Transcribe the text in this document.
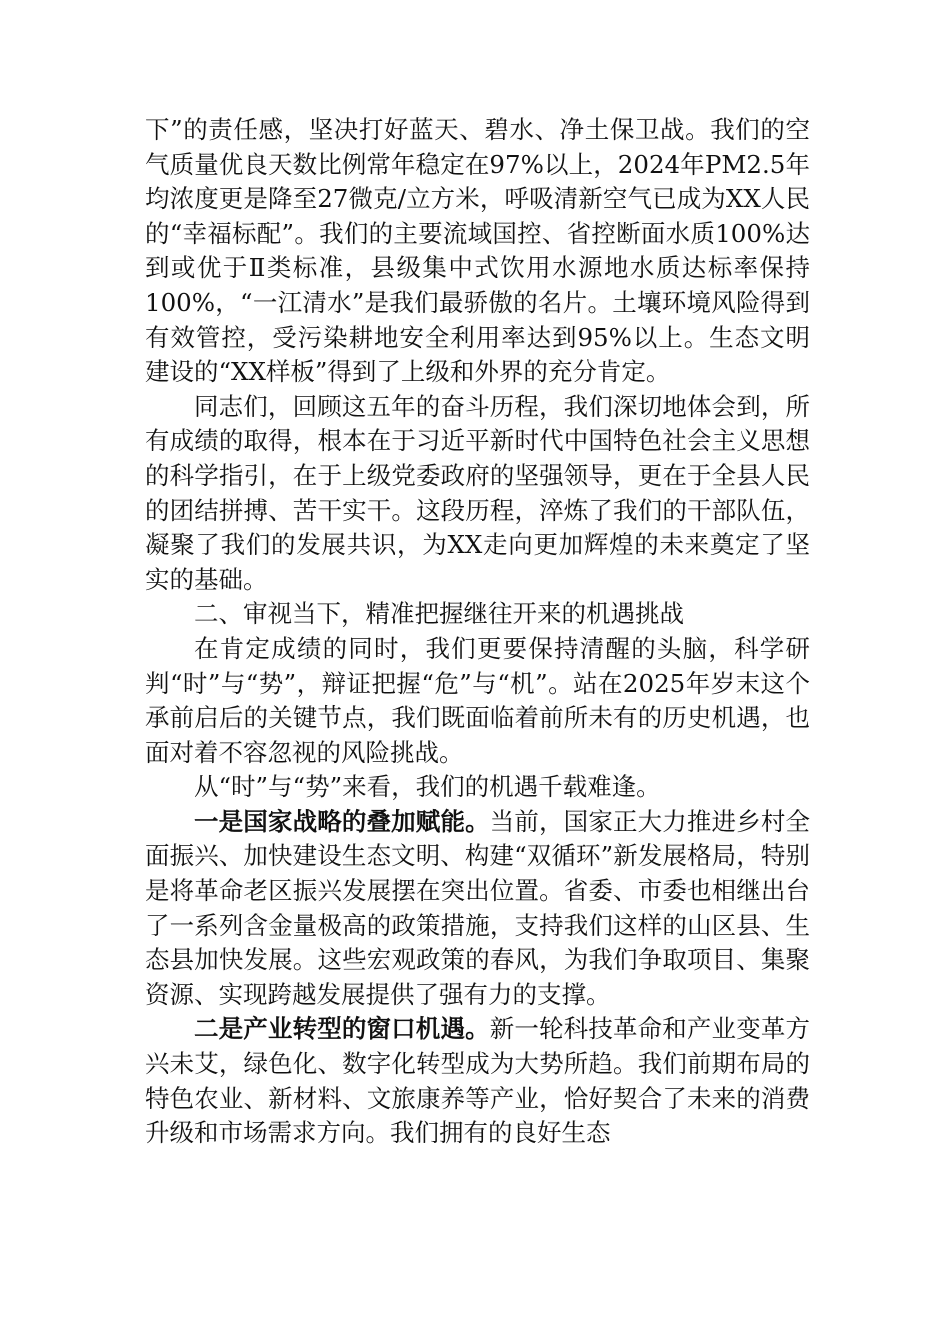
下”的责任感，坚决打好蓝天、碧水、净土保卫战。我们的空气质量优良天数比例常年稳定在97%以上，2024年PM2.5年均浓度更是降至27微克/立方米，呼吸清新空气已成为XX人民的“幸福标配”。我们的主要流域国控、省控断面水质100%达到或优于Ⅱ类标准，县级集中式饮用水源地水质达标率保持100%，“一江清水”是我们最骄傲的名片。土壤环境风险得到有效管控，受污染耕地安全利用率达到95%以上。生态文明建设的“XX样板”得到了上级和外界的充分肯定。

同志们，回顾这五年的奋斗历程，我们深切地体会到，所有成绩的取得，根本在于习近平新时代中国特色社会主义思想的科学指引，在于上级党委政府的坚强领导，更在于全县人民的团结拼搏、苦干实干。这段历程，淬炼了我们的干部队伍，凝聚了我们的发展共识，为XX走向更加辉煌的未来奠定了坚实的基础。

二、审视当下，精准把握继往开来的机遇挑战

在肯定成绩的同时，我们更要保持清醒的头脑，科学研判“时”与“势”，辩证把握“危”与“机”。站在2025年岁末这个承前启后的关键节点，我们既面临着前所未有的历史机遇，也面对着不容忽视的风险挑战。

从“时”与“势”来看，我们的机遇千载难逢。

一是国家战略的叠加赋能。当前，国家正大力推进乡村全面振兴、加快建设生态文明、构建“双循环”新发展格局，特别是将革命老区振兴发展摆在突出位置。省委、市委也相继出台了一系列含金量极高的政策措施，支持我们这样的山区县、生态县加快发展。这些宏观政策的春风，为我们争取项目、集聚资源、实现跨越发展提供了强有力的支撑。

二是产业转型的窗口机遇。新一轮科技革命和产业变革方兴未艾，绿色化、数字化转型成为大势所趋。我们前期布局的特色农业、新材料、文旅康养等产业，恰好契合了未来的消费升级和市场需求方向。我们拥有的良好生态
